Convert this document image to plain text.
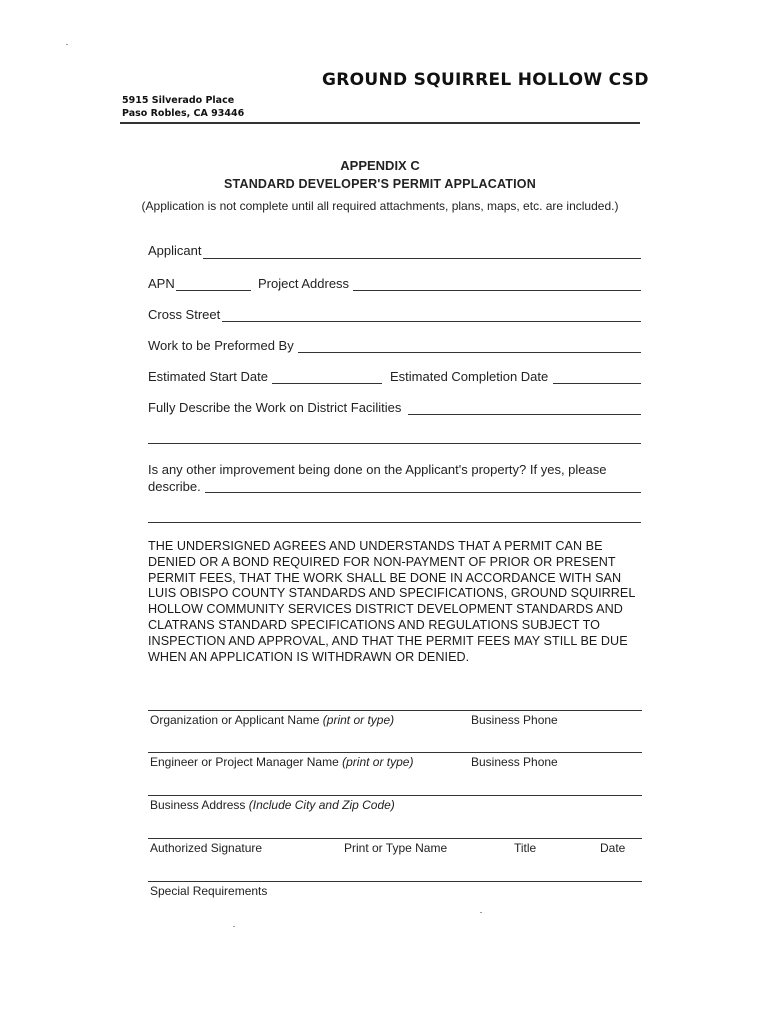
GROUND SQUIRREL HOLLOW CSD
5915 Silverado Place
Paso Robles, CA 93446
APPENDIX C
STANDARD DEVELOPER'S PERMIT APPLACATION
(Application is not complete until all required attachments, plans, maps, etc. are included.)
Applicant
APN	Project Address
Cross Street
Work to be Preformed By
Estimated Start Date	Estimated Completion Date
Fully Describe the Work on District Facilities
Is any other improvement being done on the Applicant's property? If yes, please
describe.
THE UNDERSIGNED AGREES AND UNDERSTANDS THAT A PERMIT CAN BE DENIED OR A BOND REQUIRED FOR NON-PAYMENT OF PRIOR OR PRESENT PERMIT FEES, THAT THE WORK SHALL BE DONE IN ACCORDANCE WITH SAN LUIS OBISPO COUNTY STANDARDS AND SPECIFICATIONS, GROUND SQUIRREL HOLLOW COMMUNITY SERVICES DISTRICT DEVELOPMENT STANDARDS AND CLATRANS STANDARD SPECIFICATIONS AND REGULATIONS SUBJECT TO INSPECTION AND APPROVAL, AND THAT THE PERMIT FEES MAY STILL BE DUE WHEN AN APPLICATION IS WITHDRAWN OR DENIED.
Organization or Applicant Name (print or type)	Business Phone
Engineer or Project Manager Name (print or type)	Business Phone
Business Address (Include City and Zip Code)
Authorized Signature	Print or Type Name	Title	Date
Special Requirements
